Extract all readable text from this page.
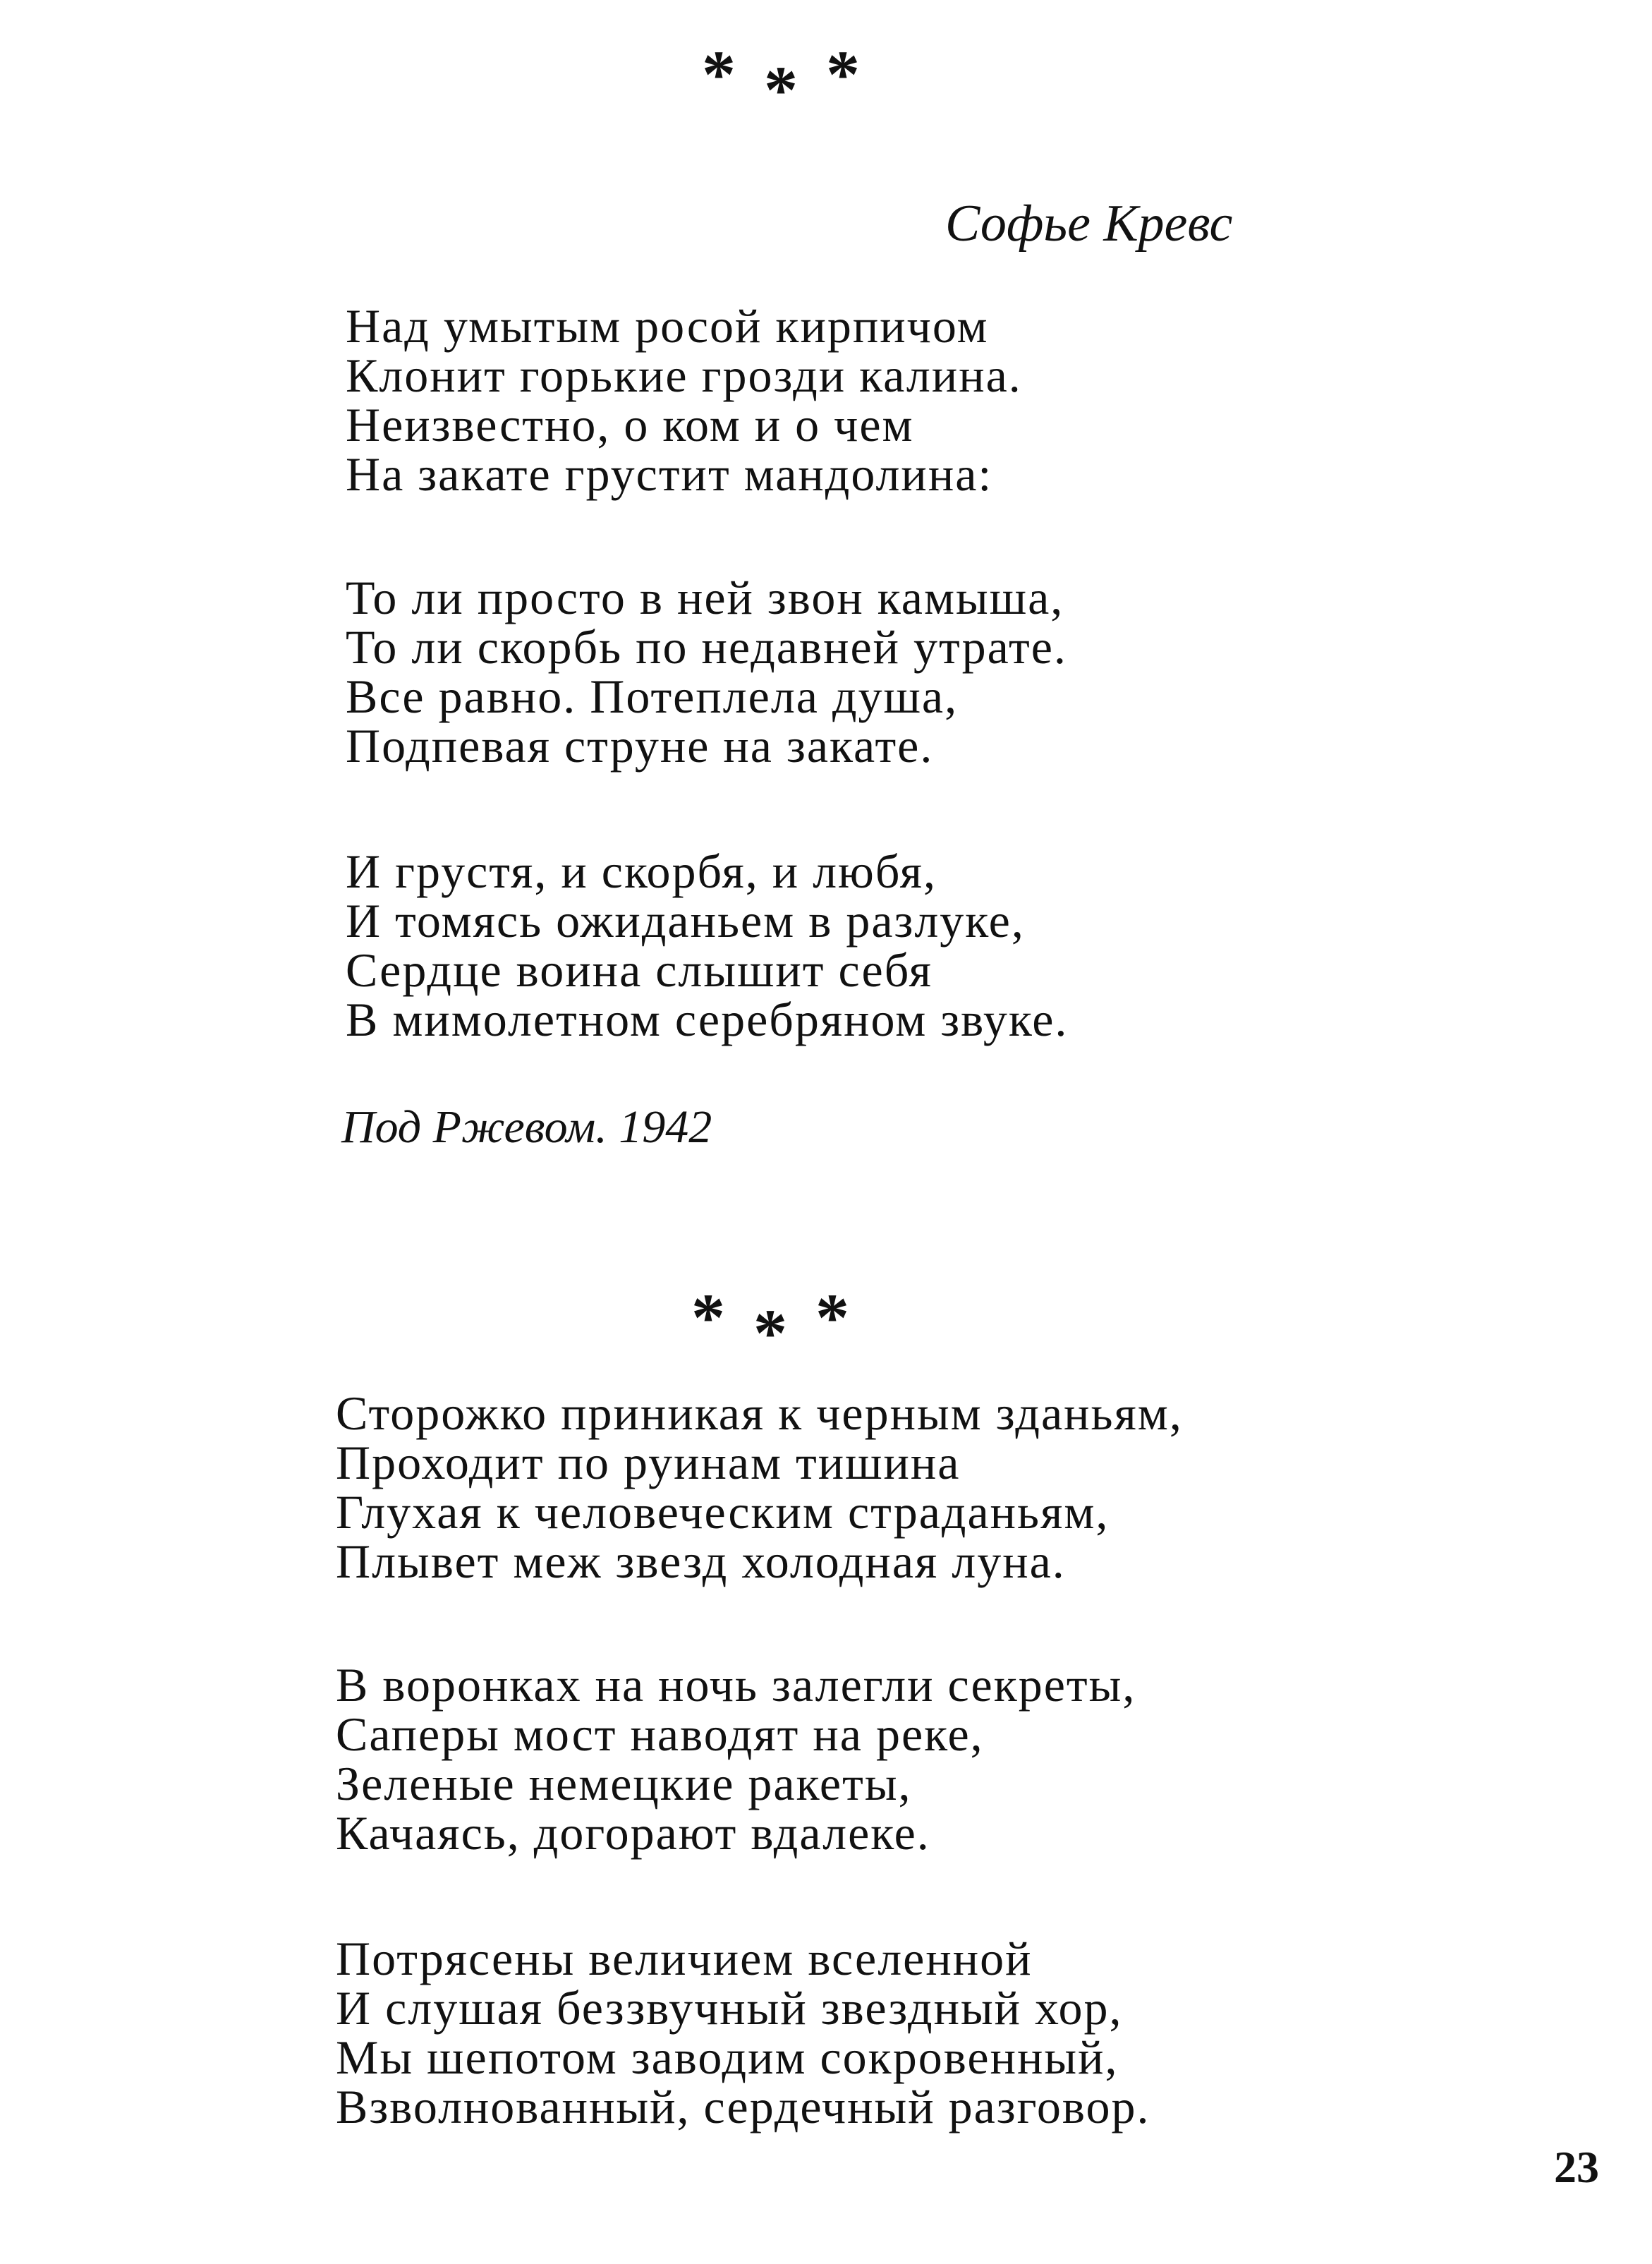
***
Софье Кревс
Над умытым росой кирпичом
Клонит горькие грозди калина.
Неизвестно, о ком и о чем
На закате грустит мандолина:
То ли просто в ней звон камыша,
То ли скорбь по недавней утрате.
Все равно. Потеплела душа,
Подпевая струне на закате.
И грустя, и скорбя, и любя,
И томясь ожиданьем в разлуке,
Сердце воина слышит себя
В мимолетном серебряном звуке.
Под Ржевом. 1942
***
Сторожко приникая к черным зданьям,
Проходит по руинам тишина
Глухая к человеческим страданьям,
Плывет меж звезд холодная луна.
В воронках на ночь залегли секреты,
Саперы мост наводят на реке,
Зеленые немецкие ракеты,
Качаясь, догорают вдалеке.
Потрясены величием вселенной
И слушая беззвучный звездный хор,
Мы шепотом заводим сокровенный,
Взволнованный, сердечный разговор.
23
